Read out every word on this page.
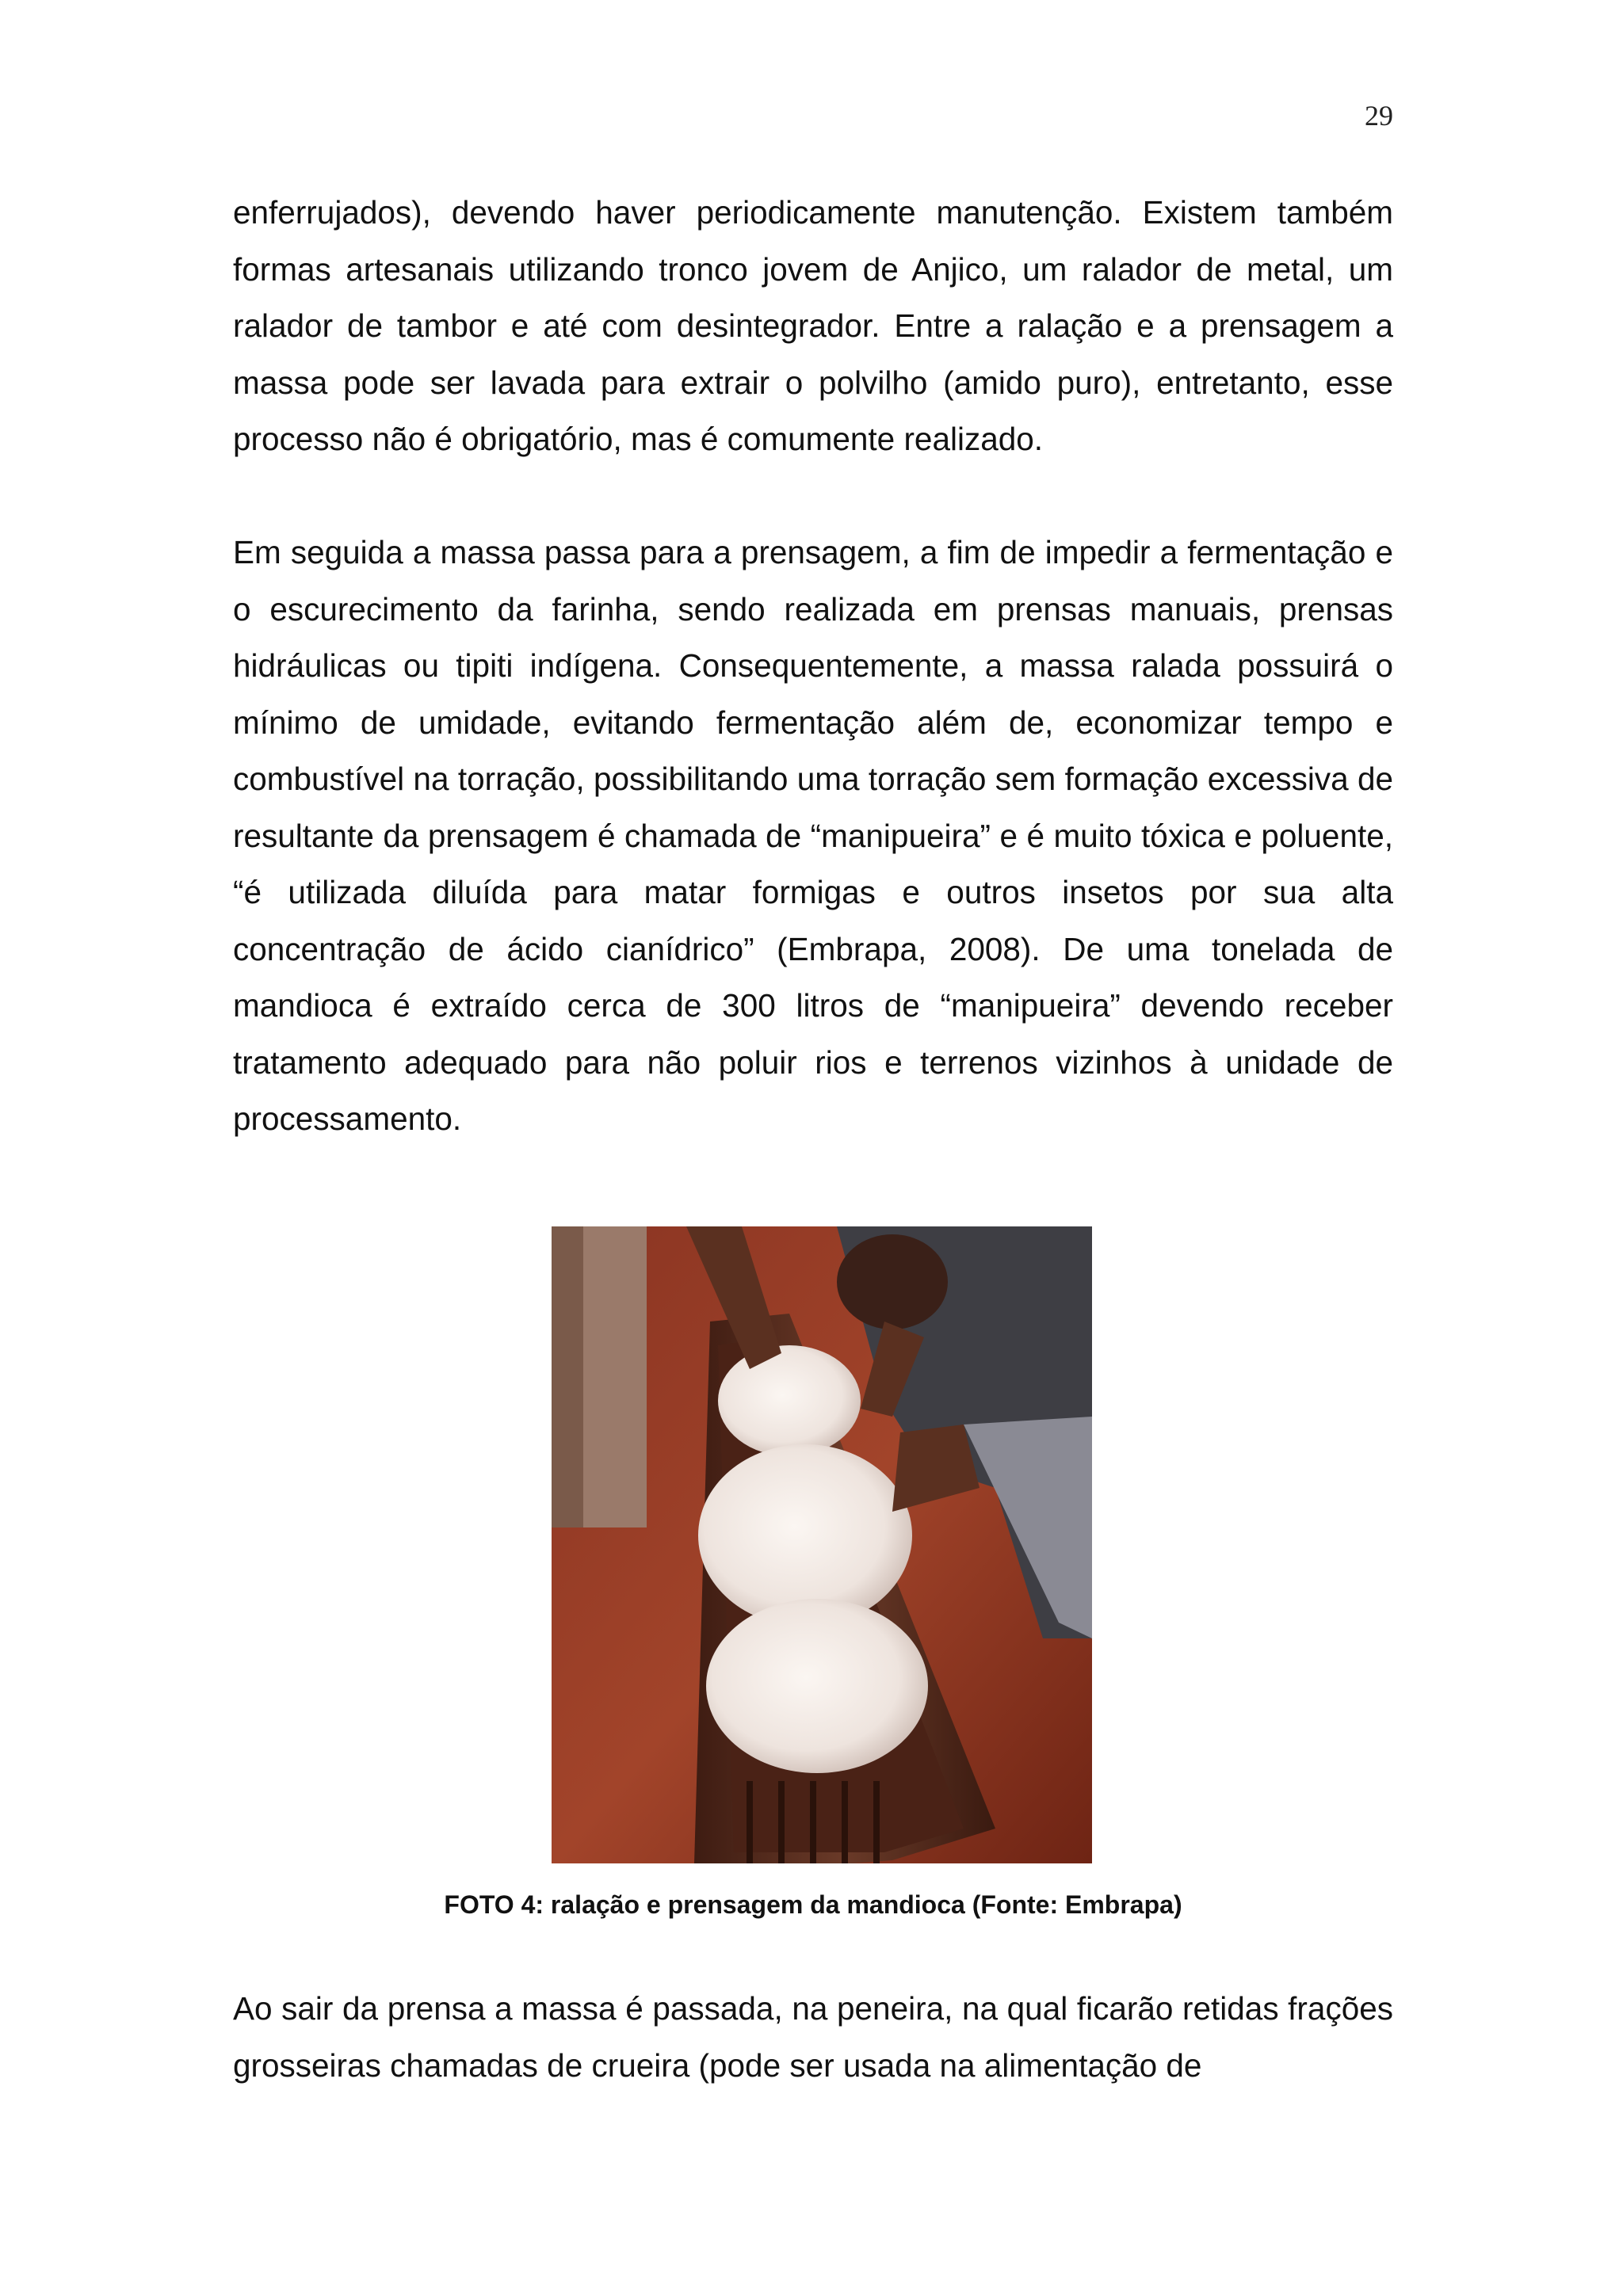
29

enferrujados), devendo haver periodicamente manutenção. Existem também formas artesanais utilizando tronco jovem de Anjico, um ralador de metal, um ralador de tambor e até com desintegrador. Entre a ralação e a prensagem a massa pode ser lavada para extrair o polvilho (amido puro), entretanto, esse processo não é obrigatório, mas é comumente realizado.

Em seguida a massa passa para a prensagem, a fim de impedir a fermentação e o escurecimento da farinha, sendo realizada em prensas manuais, prensas hidráulicas ou tipiti indígena. Consequentemente, a massa ralada possuirá o mínimo de umidade, evitando fermentação além de, economizar tempo e combustível na torração, possibilitando uma torração sem formação excessiva de resultante da prensagem é chamada de “manipueira” e é muito tóxica e poluente, “é utilizada diluída para matar formigas e outros insetos por sua alta concentração de ácido cianídrico” (Embrapa, 2008). De uma tonelada de mandioca é extraído cerca de 300 litros de “manipueira” devendo receber tratamento adequado para não poluir rios e terrenos vizinhos à unidade de processamento.

FOTO 4: ralação e prensagem da mandioca (Fonte: Embrapa)

Ao sair da prensa a massa é passada, na peneira, na qual ficarão retidas frações grosseiras chamadas de crueira (pode ser usada na alimentação de
